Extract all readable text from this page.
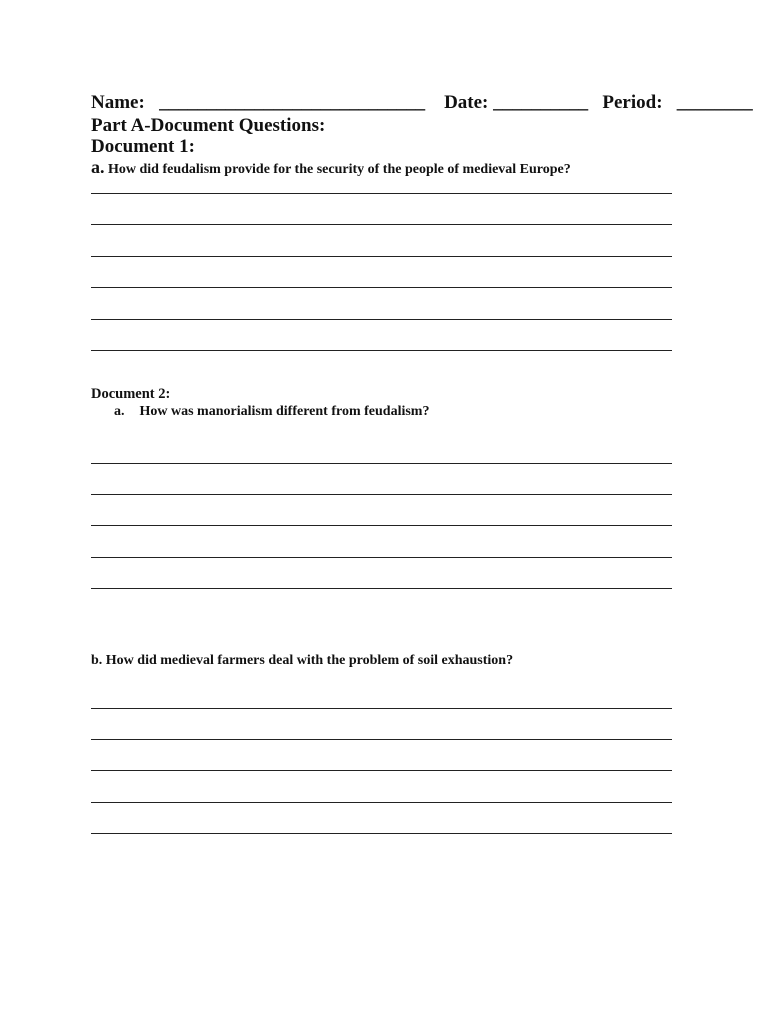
Name: ____________________________ Date: __________ Period: ________
Part A-Document Questions:
Document 1:
a. How did feudalism provide for the security of the people of medieval Europe?
Document 2:
a. How was manorialism different from feudalism?
b. How did medieval farmers deal with the problem of soil exhaustion?
